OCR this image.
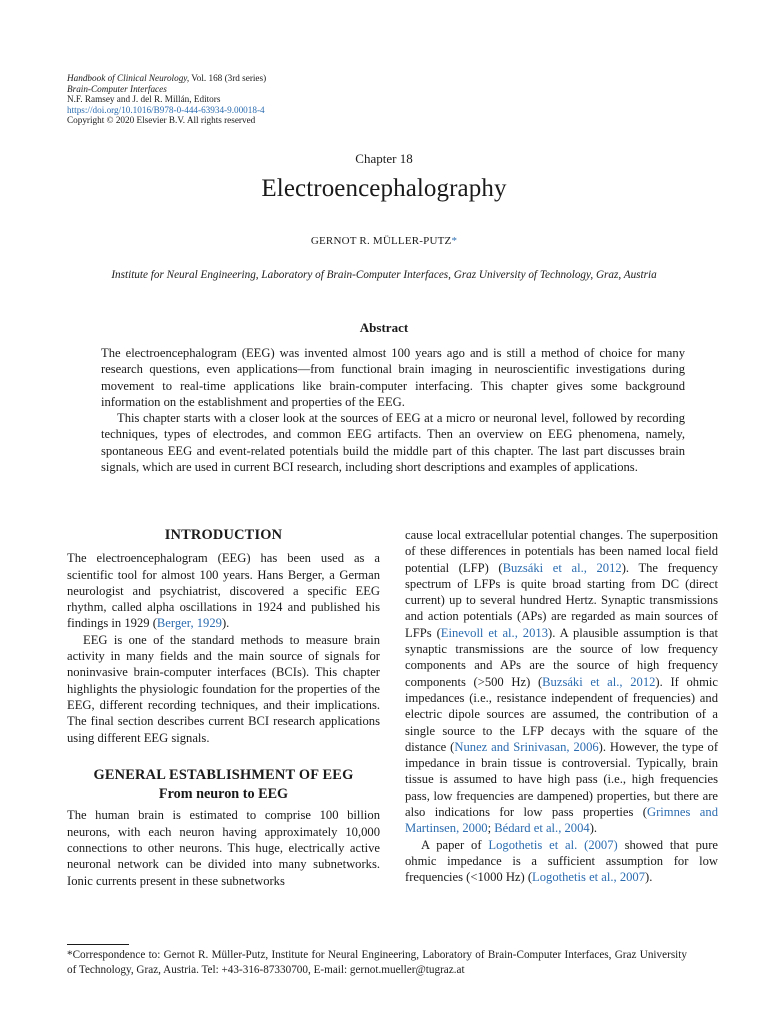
Handbook of Clinical Neurology, Vol. 168 (3rd series)
Brain-Computer Interfaces
N.F. Ramsey and J. del R. Millán, Editors
https://doi.org/10.1016/B978-0-444-63934-9.00018-4
Copyright © 2020 Elsevier B.V. All rights reserved
Chapter 18
Electroencephalography
GERNOT R. MÜLLER-PUTZ*
Institute for Neural Engineering, Laboratory of Brain-Computer Interfaces, Graz University of Technology, Graz, Austria
Abstract

The electroencephalogram (EEG) was invented almost 100 years ago and is still a method of choice for many research questions, even applications—from functional brain imaging in neuroscientific investigations during movement to real-time applications like brain-computer interfacing. This chapter gives some background information on the establishment and properties of the EEG.

This chapter starts with a closer look at the sources of EEG at a micro or neuronal level, followed by recording techniques, types of electrodes, and common EEG artifacts. Then an overview on EEG phenomena, namely, spontaneous EEG and event-related potentials build the middle part of this chapter. The last part discusses brain signals, which are used in current BCI research, including short descriptions and examples of applications.

INTRODUCTION

The electroencephalogram (EEG) has been used as a scientific tool for almost 100 years. Hans Berger, a German neurologist and psychiatrist, discovered a specific EEG rhythm, called alpha oscillations in 1924 and published his findings in 1929 (Berger, 1929).

EEG is one of the standard methods to measure brain activity in many fields and the main source of signals for noninvasive brain-computer interfaces (BCIs). This chapter highlights the physiologic foundation for the properties of the EEG, different recording techniques, and their implications. The final section describes current BCI research applications using different EEG signals.

GENERAL ESTABLISHMENT OF EEG
From neuron to EEG

The human brain is estimated to comprise 100 billion neurons, with each neuron having approximately 10,000 connections to other neurons. This huge, electrically active neuronal network can be divided into many subnetworks. Ionic currents present in these subnetworks

cause local extracellular potential changes. The superposition of these differences in potentials has been named local field potential (LFP) (Buzsáki et al., 2012). The frequency spectrum of LFPs is quite broad starting from DC (direct current) up to several hundred Hertz. Synaptic transmissions and action potentials (APs) are regarded as main sources of LFPs (Einevoll et al., 2013). A plausible assumption is that synaptic transmissions are the source of low frequency components and APs are the source of high frequency components (>500 Hz) (Buzsáki et al., 2012). If ohmic impedances (i.e., resistance independent of frequencies) and electric dipole sources are assumed, the contribution of a single source to the LFP decays with the square of the distance (Nunez and Srinivasan, 2006). However, the type of impedance in brain tissue is controversial. Typically, brain tissue is assumed to have high pass (i.e., high frequencies pass, low frequencies are dampened) properties, but there are also indications for low pass properties (Grimnes and Martinsen, 2000; Bédard et al., 2004).

A paper of Logothetis et al. (2007) showed that pure ohmic impedance is a sufficient assumption for low frequencies (<1000 Hz) (Logothetis et al., 2007).

*Correspondence to: Gernot R. Müller-Putz, Institute for Neural Engineering, Laboratory of Brain-Computer Interfaces, Graz University of Technology, Graz, Austria. Tel: +43-316-87330700, E-mail: gernot.mueller@tugraz.at
